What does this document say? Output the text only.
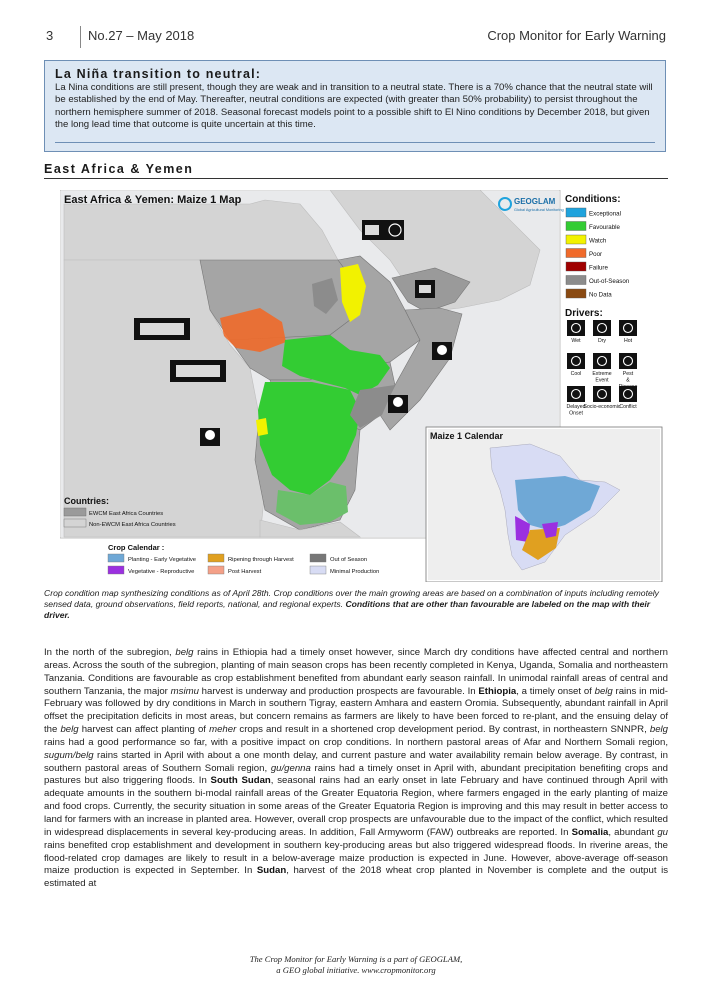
3	No.27 – May 2018	Crop Monitor for Early Warning
La Niña transition to neutral:
La Nina conditions are still present, though they are weak and in transition to a neutral state. There is a 70% chance that the neutral state will be established by the end of May. Thereafter, neutral conditions are expected (with greater than 50% probability) to persist throughout the northern hemisphere summer of 2018. Seasonal forecast models point to a possible shift to El Nino conditions by December 2018, but given the long lead time that outcome is quite uncertain at this time.
East Africa & Yemen
East Africa & Yemen: Maize 1 Map	GEOGLAM
Global Agricultural Monitoring
Conditions:
Exceptional
Favourable
Watch
Poor
Failure
Out-of-Season
No Data
Drivers:
Wet	Dry	Hot
Cool Extreme
Event
Pest
&
Delayed
Onset
Socio-economic
Conflict
Countries:
EWCM East Africa Countries
Non-EWCM East Africa Countries
Maize 1 Calendar
Crop Calendar :
Planting - Early Vegetative
Vegetative - Reproductive
Ripening through Harvest
Post Harvest
Out of Season
Minimal Production
Crop condition map synthesizing conditions as of April 28th. Crop conditions over the main growing areas are based on a combination of inputs including remotely sensed data, ground observations, field reports, national, and regional experts. Conditions that are other than favourable are labeled on the map with their driver.
In the north of the subregion, belg rains in Ethiopia had a timely onset however, since March dry conditions have affected central and northern areas. Across the south of the subregion, planting of main season crops has been recently completed in Kenya, Uganda, Somalia and northeastern Tanzania. Conditions are favourable as crop establishment benefited from abundant early season rainfall. In unimodal rainfall areas of central and southern Tanzania, the major msimu harvest is underway and production prospects are favourable. In Ethiopia, a timely onset of belg rains in mid-February was followed by dry conditions in March in southern Tigray, eastern Amhara and eastern Oromia. Subsequently, abundant rainfall in April offset the precipitation deficits in most areas, but concern remains as farmers are likely to have been forced to re-plant, and the ensuing delay of the belg harvest can affect planting of meher crops and result in a shortened crop development period. By contrast, in northeastern SNNPR, belg rains had a good performance so far, with a positive impact on crop conditions. In northern pastoral areas of Afar and Northern Somali region, sugum/belg rains started in April with about a one month delay, and current pasture and water availability remain below average. By contrast, in southern pastoral areas of Southern Somali region, gu/genna rains had a timely onset in April with, abundant precipitation benefiting crops and pastures but also triggering floods. In South Sudan, seasonal rains had an early onset in late February and have continued through April with adequate amounts in the southern bi-modal rainfall areas of the Greater Equatoria Region, where farmers engaged in the early planting of maize and food crops. Currently, the security situation in some areas of the Greater Equatoria Region is improving and this may result in better access to land for farmers with an increase in planted area. However, overall crop prospects are unfavourable due to the impact of the conflict, which resulted in widespread displacements in several key-producing areas. In addition, Fall Armyworm (FAW) outbreaks are reported. In Somalia, abundant gu rains benefited crop establishment and development in southern key-producing areas but also triggered widespread floods. In riverine areas, the flood-related crop damages are likely to result in a below-average maize production is expected in June. However, above-average off-season maize production is expected in September. In Sudan, harvest of the 2018 wheat crop planted in November is complete and the output is estimated at
The Crop Monitor for Early Warning is a part of GEOGLAM,
a GEO global initiative. www.cropmonitor.org
